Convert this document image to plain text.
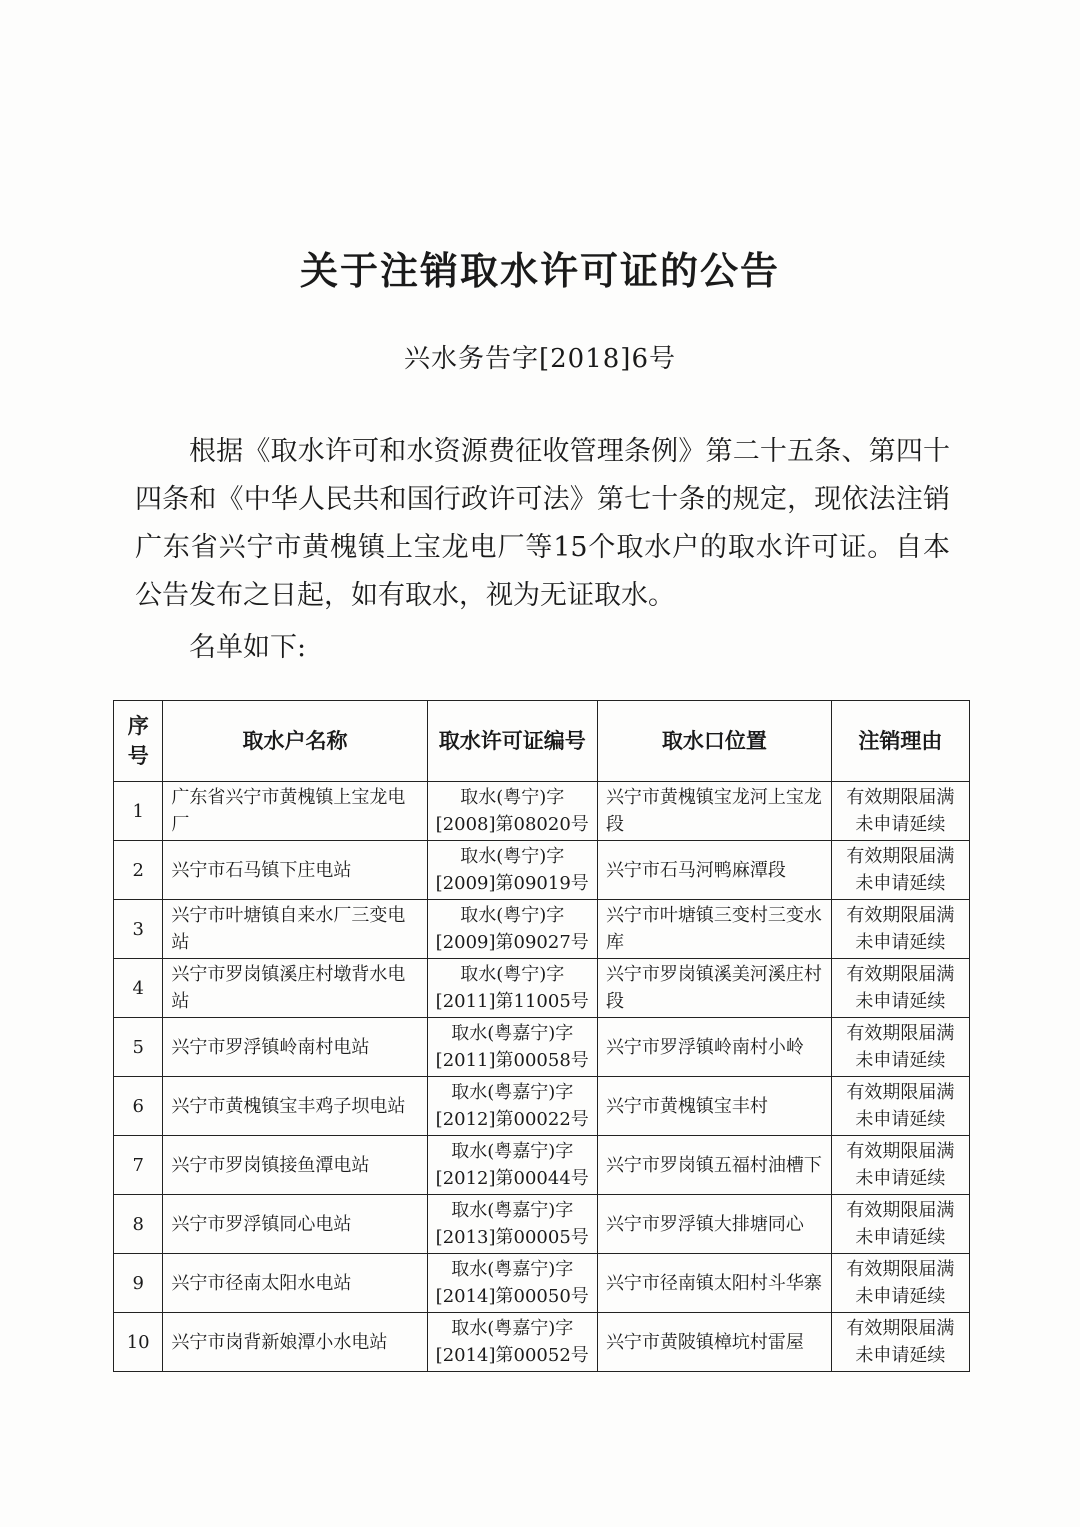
关于注销取水许可证的公告
兴水务告字[2018]6号

根据《取水许可和水资源费征收管理条例》第二十五条、第四十四条和《中华人民共和国行政许可法》第七十条的规定，现依法注销广东省兴宁市黄槐镇上宝龙电厂等15个取水户的取水许可证。自本公告发布之日起，如有取水，视为无证取水。

名单如下:
序号	取水户名称	取水许可证编号	取水口位置	注销理由
1	广东省兴宁市黄槐镇上宝龙电厂	取水(粤宁)字[2008]第08020号	兴宁市黄槐镇宝龙河上宝龙段	有效期限届满未申请延续
2	兴宁市石马镇下庄电站	取水(粤宁)字[2009]第09019号	兴宁市石马河鸭麻潭段	有效期限届满未申请延续
3	兴宁市叶塘镇自来水厂三变电站	取水(粤宁)字[2009]第09027号	兴宁市叶塘镇三变村三变水库	有效期限届满未申请延续
4	兴宁市罗岗镇溪庄村墩背水电站	取水(粤宁)字[2011]第11005号	兴宁市罗岗镇溪美河溪庄村段	有效期限届满未申请延续
5	兴宁市罗浮镇岭南村电站	取水(粤嘉宁)字[2011]第00058号	兴宁市罗浮镇岭南村小岭	有效期限届满未申请延续
6	兴宁市黄槐镇宝丰鸡子坝电站	取水(粤嘉宁)字[2012]第00022号	兴宁市黄槐镇宝丰村	有效期限届满未申请延续
7	兴宁市罗岗镇接鱼潭电站	取水(粤嘉宁)字[2012]第00044号	兴宁市罗岗镇五福村油槽下	有效期限届满未申请延续
8	兴宁市罗浮镇同心电站	取水(粤嘉宁)字[2013]第00005号	兴宁市罗浮镇大排塘同心	有效期限届满未申请延续
9	兴宁市径南太阳水电站	取水(粤嘉宁)字[2014]第00050号	兴宁市径南镇太阳村斗华寨	有效期限届满未申请延续
10	兴宁市岗背新娘潭小水电站	取水(粤嘉宁)字[2014]第00052号	兴宁市黄陂镇樟坑村雷屋	有效期限届满未申请延续
